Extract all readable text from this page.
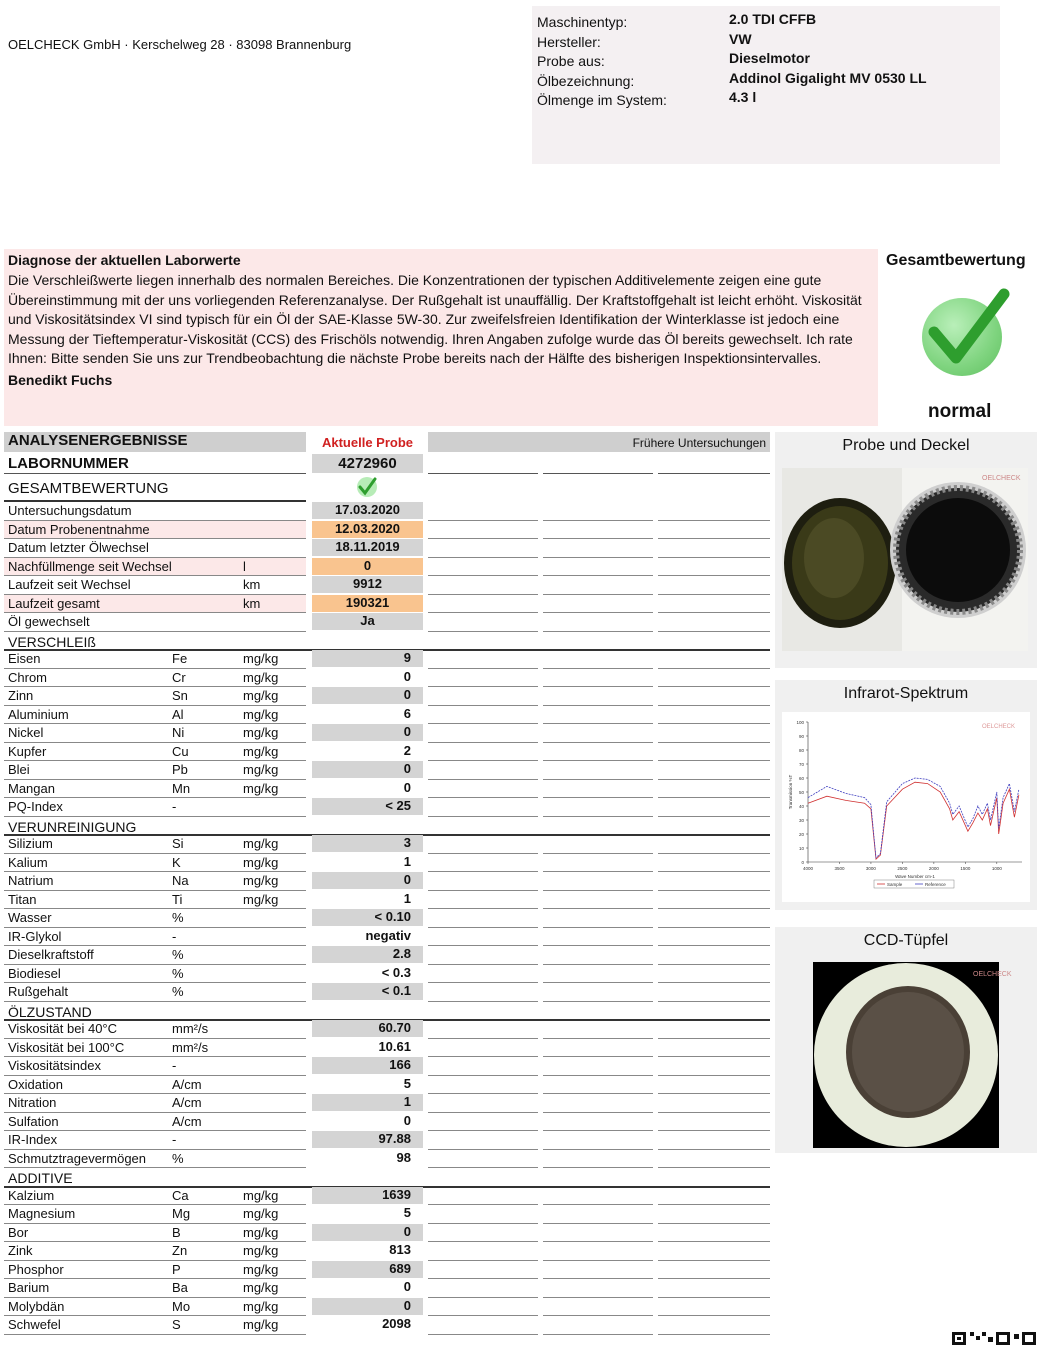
OELCHECK GmbH · Kerschelweg 28 · 83098 Brannenburg
Maschinentyp:	2.0 TDI CFFB
Hersteller:	VW
Probe aus:	Dieselmotor
Ölbezeichnung:	Addinol Gigalight MV 0530 LL
Ölmenge im System:	4.3 l
Diagnose der aktuellen Laborwerte
Die Verschleißwerte liegen innerhalb des normalen Bereiches. Die Konzentrationen der typischen Additivelemente zeigen eine gute Übereinstimmung mit der uns vorliegenden Referenzanalyse. Der Rußgehalt ist unauffällig. Der Kraftstoffgehalt ist leicht erhöht. Viskosität und Viskositätsindex VI sind typisch für ein Öl der SAE-Klasse 5W-30. Zur zweifelsfreien Identifikation der Winterklasse ist jedoch eine Messung der Tieftemperatur-Viskosität (CCS) des Frischöls notwendig. Ihren Angaben zufolge wurde das Öl bereits gewechselt. Ich rate Ihnen: Bitte senden Sie uns zur Trendbeobachtung die nächste Probe bereits nach der Hälfte des bisherigen Inspektionsintervalles.
Benedikt Fuchs
Gesamtbewertung
normal
ANALYSENERGEBNISSE	Aktuelle Probe	Frühere Untersuchungen
LABORNUMMER	4272960
GESAMTBEWERTUNG
Untersuchungsdatum	17.03.2020
Datum Probenentnahme	12.03.2020
Datum letzter Ölwechsel	18.11.2019
Nachfüllmenge seit Wechsel	l	0
Laufzeit seit Wechsel	km	9912
Laufzeit gesamt	km	190321
Öl gewechselt	Ja
VERSCHLEIß
Eisen	Fe	mg/kg	9
Chrom	Cr	mg/kg	0
Zinn	Sn	mg/kg	0
Aluminium	Al	mg/kg	6
Nickel	Ni	mg/kg	0
Kupfer	Cu	mg/kg	2
Blei	Pb	mg/kg	0
Mangan	Mn	mg/kg	0
PQ-Index	-	< 25
VERUNREINIGUNG
Silizium	Si	mg/kg	3
Kalium	K	mg/kg	1
Natrium	Na	mg/kg	0
Titan	Ti	mg/kg	1
Wasser	%	< 0.10
IR-Glykol	-	negativ
Dieselkraftstoff	%	2.8
Biodiesel	%	< 0.3
Rußgehalt	%	< 0.1
ÖLZUSTAND
Viskosität bei 40°C	mm²/s	60.70
Viskosität bei 100°C	mm²/s	10.61
Viskositätsindex	-	166
Oxidation	A/cm	5
Nitration	A/cm	1
Sulfation	A/cm	0
IR-Index	-	97.88
Schmutztragevermögen %	98
ADDITIVE
Kalzium	Ca	mg/kg	1639
Magnesium	Mg	mg/kg	5
Bor	B	mg/kg	0
Zink	Zn	mg/kg	813
Phosphor	P	mg/kg	689
Barium	Ba	mg/kg	0
Molybdän	Mo	mg/kg	0
Schwefel	S	mg/kg	2098
Probe und Deckel
OELCHECK
Infrarot-Spektrum
0
10
20
30
40
50
60
70
80
90
100
4000	3500	3000	2500	2000	1500	1000
Wave Number cm-1
Transmission %T
Sample	Reference
OELCHECK
CCD-Tüpfel
OELCHECK
